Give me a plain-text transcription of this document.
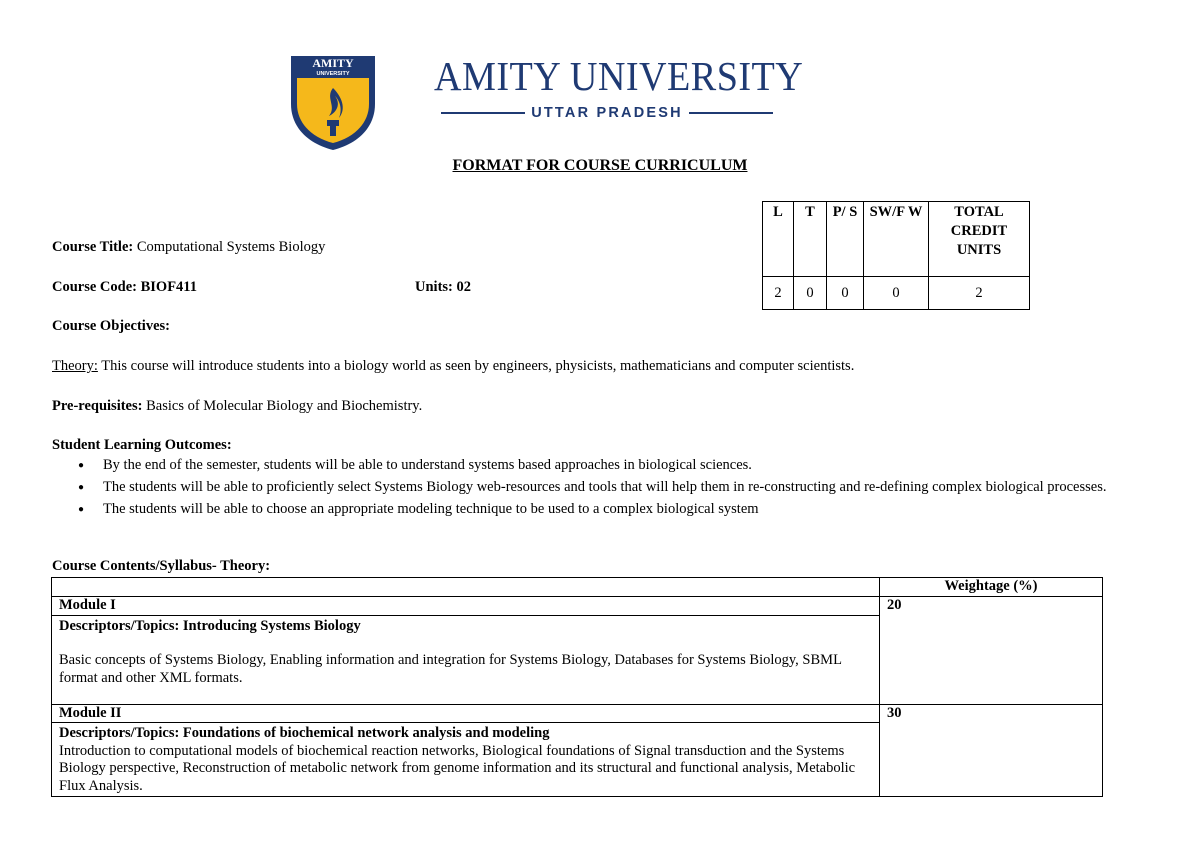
AMITY
UNIVERSITY AMITY UNIVERSITY
UTTAR PRADESH
FORMAT FOR COURSE CURRICULUM
L	T	P/ S	SW/F W	TOTAL CREDIT UNITS
2	0	0	0	2
Course Title: Computational Systems Biology
Course Code: BIOF411	Units: 02
Course Objectives:
Theory: This course will introduce students into a biology world as seen by engineers, physicists, mathematicians and computer scientists.
Pre-requisites: Basics of Molecular Biology and Biochemistry.
Student Learning Outcomes:
● By the end of the semester, students will be able to understand systems based approaches in biological sciences.
● The students will be able to proficiently select Systems Biology web-resources and tools that will help them in re-constructing and re-defining complex biological processes.
● The students will be able to choose an appropriate modeling technique to be used to a complex biological system
Course Contents/Syllabus- Theory:
	Weightage (%)
Module I	20

Descriptors/Topics: Introducing Systems Biology
Basic concepts of Systems Biology, Enabling information and integration for Systems Biology, Databases for Systems Biology, SBML format and other XML formats.	

Module II	30

Descriptors/Topics: Foundations of biochemical network analysis and modeling
Introduction to computational models of biochemical reaction networks, Biological foundations of Signal transduction and the Systems Biology perspective, Reconstruction of metabolic network from genome information and its structural and functional analysis, Metabolic Flux Analysis.	
